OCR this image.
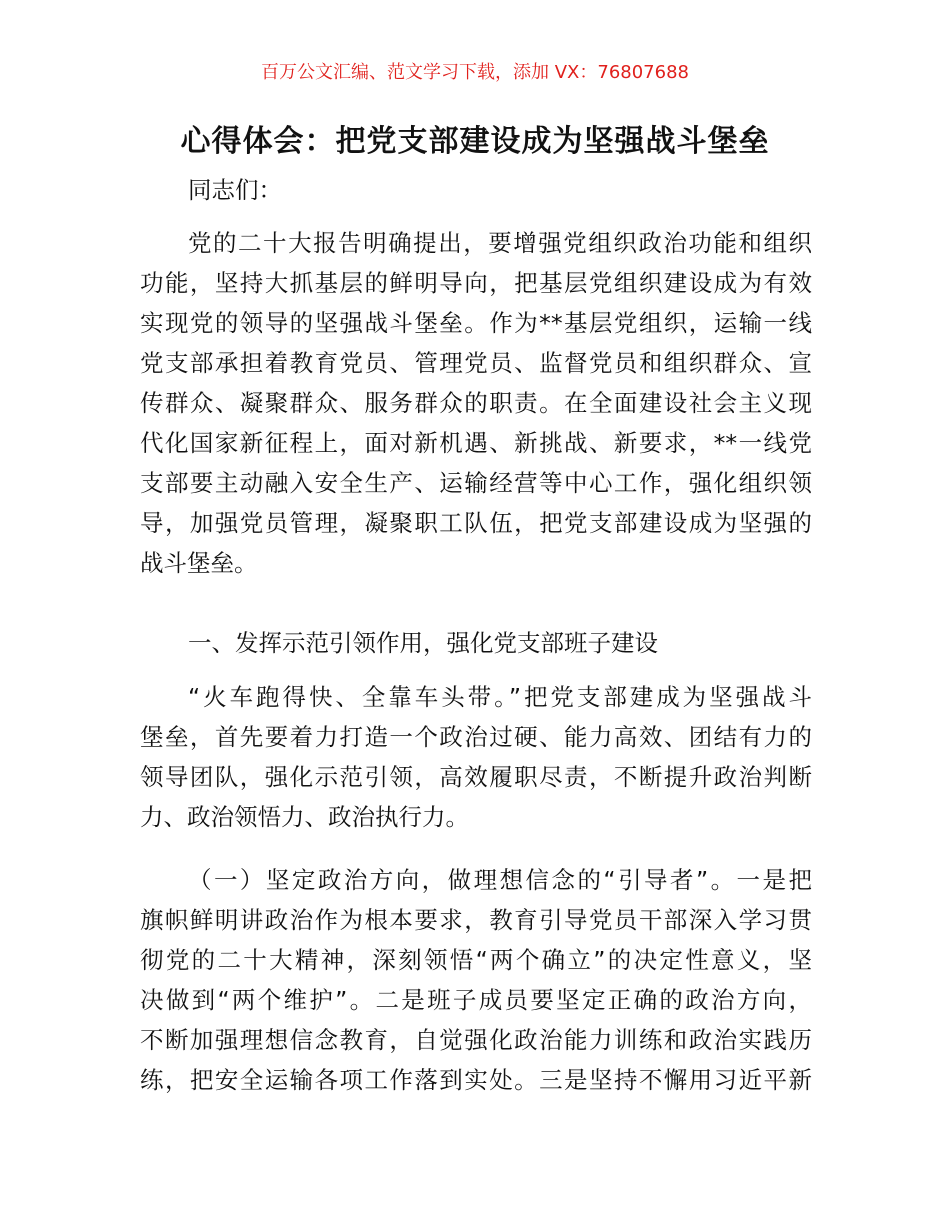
百万公文汇编、范文学习下载，添加 VX：76807688
心得体会：把党支部建设成为坚强战斗堡垒
同志们：
党的二十大报告明确提出，要增强党组织政治功能和组织
功能，坚持大抓基层的鲜明导向，把基层党组织建设成为有效
实现党的领导的坚强战斗堡垒。作为**基层党组织，运输一线
党支部承担着教育党员、管理党员、监督党员和组织群众、宣
传群众、凝聚群众、服务群众的职责。在全面建设社会主义现
代化国家新征程上，面对新机遇、新挑战、新要求，**一线党
支部要主动融入安全生产、运输经营等中心工作，强化组织领
导，加强党员管理，凝聚职工队伍，把党支部建设成为坚强的
战斗堡垒。
一、发挥示范引领作用，强化党支部班子建设
“火车跑得快、全靠车头带。”把党支部建成为坚强战斗
堡垒，首先要着力打造一个政治过硬、能力高效、团结有力的
领导团队，强化示范引领，高效履职尽责，不断提升政治判断
力、政治领悟力、政治执行力。
（一）坚定政治方向，做理想信念的“引导者”。一是把
旗帜鲜明讲政治作为根本要求，教育引导党员干部深入学习贯
彻党的二十大精神，深刻领悟“两个确立”的决定性意义，坚
决做到“两个维护”。二是班子成员要坚定正确的政治方向，
不断加强理想信念教育，自觉强化政治能力训练和政治实践历
练，把安全运输各项工作落到实处。三是坚持不懈用习近平新
